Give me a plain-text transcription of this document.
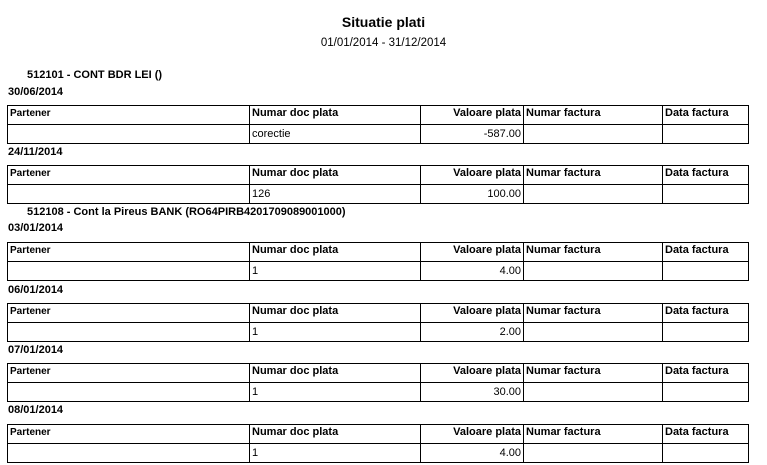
Situatie plati
01/01/2014 - 31/12/2014
512101 - CONT BDR LEI ()
30/06/2014
Partener	Numar doc plata	Valoare plata	Numar factura	Data factura
	corectie	-587.00		
24/11/2014
Partener	Numar doc plata	Valoare plata	Numar factura	Data factura
	126	100.00		
512108 - Cont la Pireus BANK (RO64PIRB4201709089001000)
03/01/2014
Partener	Numar doc plata	Valoare plata	Numar factura	Data factura
	1	4.00		
06/01/2014
Partener	Numar doc plata	Valoare plata	Numar factura	Data factura
	1	2.00		
07/01/2014
Partener	Numar doc plata	Valoare plata	Numar factura	Data factura
	1	30.00		
08/01/2014
Partener	Numar doc plata	Valoare plata	Numar factura	Data factura
	1	4.00		
